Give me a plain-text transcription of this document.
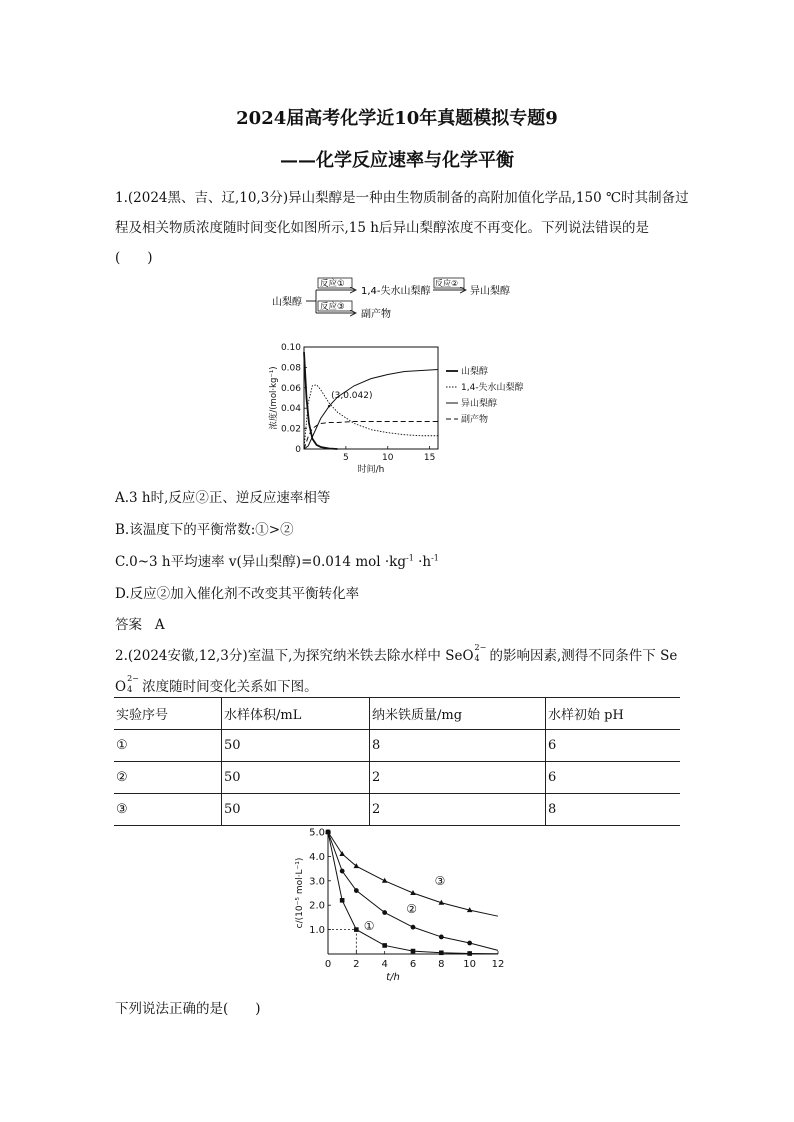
2024届高考化学近10年真题模拟专题9
——化学反应速率与化学平衡
1.(2024黑、吉、辽,10,3分)异山梨醇是一种由生物质制备的高附加值化学品,150 ℃时其制备过
程及相关物质浓度随时间变化如图所示,15 h后异山梨醇浓度不再变化。下列说法错误的是
(　　)
山梨醇
反应①
反应③
1,4-失水山梨醇
反应②
异山梨醇
副产物
0
0.02
0.04
0.06
0.08
0.10
5	10	15
时间/h
浓度/(mol·kg⁻¹)	山梨醇
1,4-失水山梨醇
异山梨醇
副产物
(3,0.042)
A.3 h时,反应②正、逆反应速率相等
B.该温度下的平衡常数:①>②
C.0~3 h平均速率 v(异山梨醇)=0.014 mol $\cdot kg^{-1} \cdot h^{-1}$
D.反应②加入催化剂不改变其平衡转化率
答案 A
2.(2024安徽,12,3分)室温下,为探究纳米铁去除水样中 SeO
2−
4 的影响因素,测得不同条件下 Se
O
2−
4 浓度随时间变化关系如下图。
实验序号	水样体积/mL	纳米铁质量/mg	水样初始 pH
①	50	8	6
②	50	2	6
③	50	2	8
1.0
2.0
3.0
4.0
5.0
0 2 4 6 8 10 12
t/h
c/(10⁻⁵ mol·L⁻¹)	①
②
③
下列说法正确的是(　　)
